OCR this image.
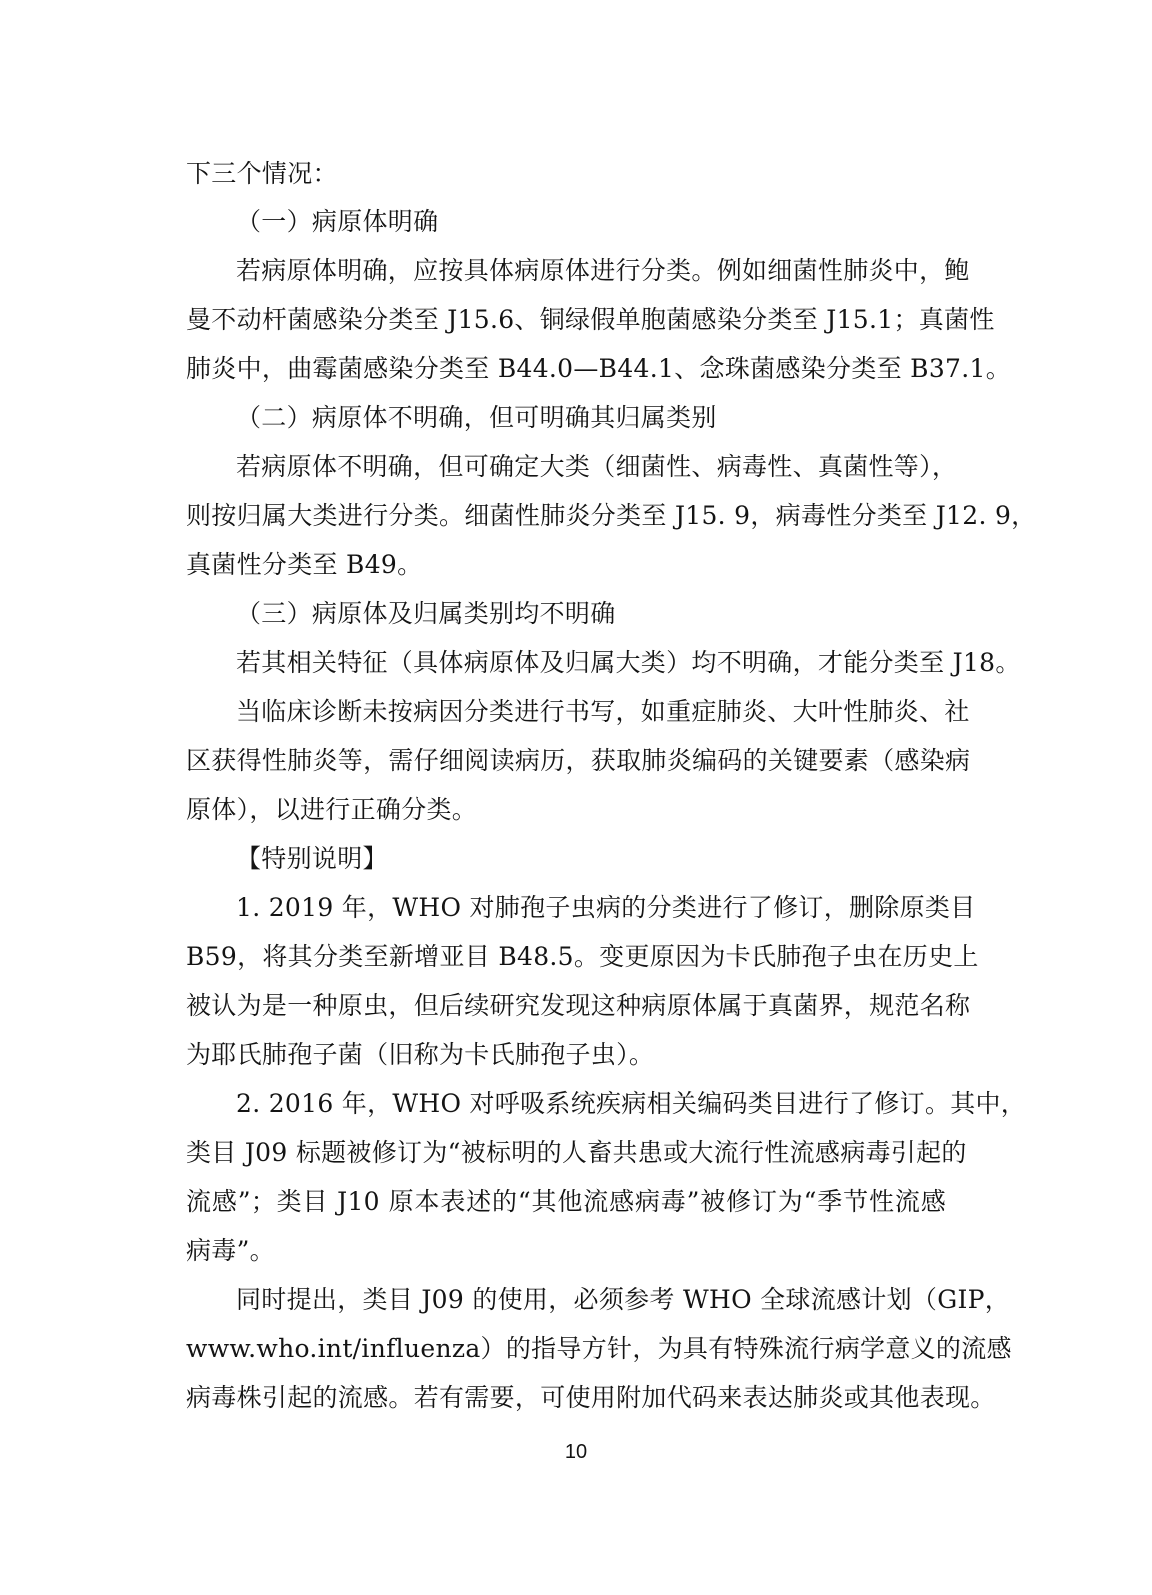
下三个情况：
（一）病原体明确
若病原体明确，应按具体病原体进行分类。例如细菌性肺炎中，鲍
曼不动杆菌感染分类至 J15.6、铜绿假单胞菌感染分类至 J15.1；真菌性
肺炎中，曲霉菌感染分类至 B44.0—B44.1、念珠菌感染分类至 B37.1。
（二）病原体不明确，但可明确其归属类别
若病原体不明确，但可确定大类（细菌性、病毒性、真菌性等），
则按归属大类进行分类。细菌性肺炎分类至 J15. 9，病毒性分类至 J12. 9，
真菌性分类至 B49。
（三）病原体及归属类别均不明确
若其相关特征（具体病原体及归属大类）均不明确，才能分类至 J18。
当临床诊断未按病因分类进行书写，如重症肺炎、大叶性肺炎、社
区获得性肺炎等，需仔细阅读病历，获取肺炎编码的关键要素（感染病
原体），以进行正确分类。
【特别说明】
1. 2019 年，WHO 对肺孢子虫病的分类进行了修订，删除原类目
B59，将其分类至新增亚目 B48.5。变更原因为卡氏肺孢子虫在历史上
被认为是一种原虫，但后续研究发现这种病原体属于真菌界，规范名称
为耶氏肺孢子菌（旧称为卡氏肺孢子虫）。
2. 2016 年，WHO 对呼吸系统疾病相关编码类目进行了修订。其中，
类目 J09 标题被修订为“被标明的人畜共患或大流行性流感病毒引起的
流感”；类目 J10 原本表述的“其他流感病毒”被修订为“季节性流感
病毒”。
同时提出，类目 J09 的使用，必须参考 WHO 全球流感计划（GIP，
www.who.int/influenza）的指导方针，为具有特殊流行病学意义的流感
病毒株引起的流感。若有需要，可使用附加代码来表达肺炎或其他表现。
10
